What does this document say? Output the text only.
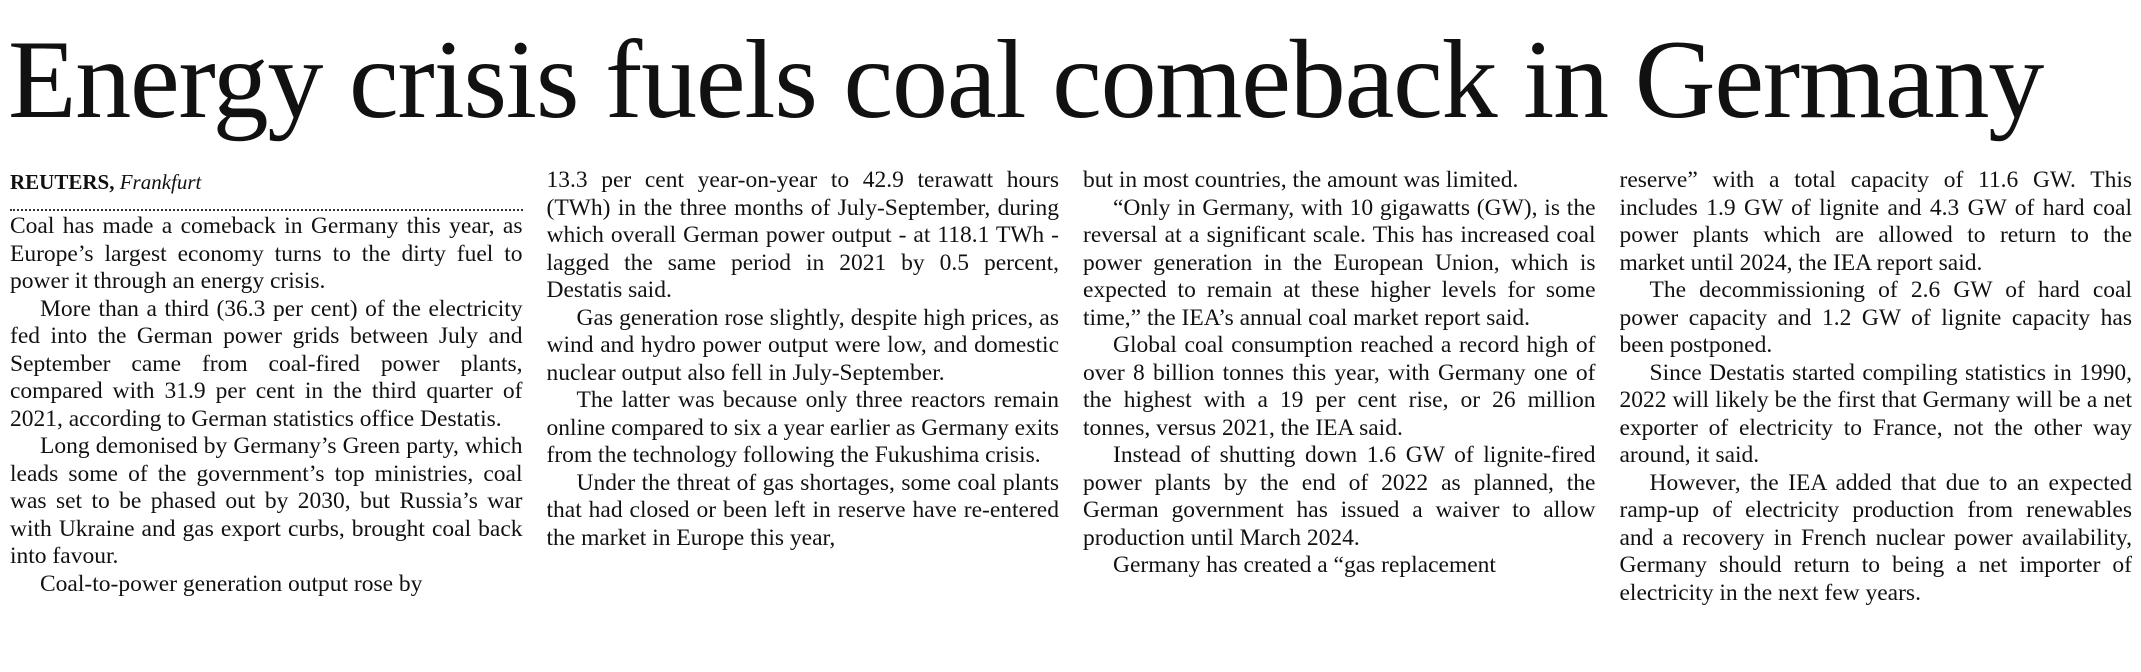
Energy crisis fuels coal comeback in Germany
REUTERS, Frankfurt

Coal has made a comeback in Germany this year, as Europe’s largest economy turns to the dirty fuel to power it through an energy crisis.

More than a third (36.3 per cent) of the electricity fed into the German power grids between July and September came from coal-fired power plants, compared with 31.9 per cent in the third quarter of 2021, according to German statistics office Destatis.

Long demonised by Germany’s Green party, which leads some of the government’s top ministries, coal was set to be phased out by 2030, but Russia’s war with Ukraine and gas export curbs, brought coal back into favour.

Coal-to-power generation output rose by

13.3 per cent year-on-year to 42.9 terawatt hours (TWh) in the three months of July-September, during which overall German power output - at 118.1 TWh - lagged the same period in 2021 by 0.5 percent, Destatis said.

Gas generation rose slightly, despite high prices, as wind and hydro power output were low, and domestic nuclear output also fell in July-September.

The latter was because only three reactors remain online compared to six a year earlier as Germany exits from the technology following the Fukushima crisis.

Under the threat of gas shortages, some coal plants that had closed or been left in reserve have re-entered the market in Europe this year,

but in most countries, the amount was limited.

“Only in Germany, with 10 gigawatts (GW), is the reversal at a significant scale. This has increased coal power generation in the European Union, which is expected to remain at these higher levels for some time,” the IEA’s annual coal market report said.

Global coal consumption reached a record high of over 8 billion tonnes this year, with Germany one of the highest with a 19 per cent rise, or 26 million tonnes, versus 2021, the IEA said.

Instead of shutting down 1.6 GW of lignite-fired power plants by the end of 2022 as planned, the German government has issued a waiver to allow production until March 2024.

Germany has created a “gas replacement

reserve” with a total capacity of 11.6 GW. This includes 1.9 GW of lignite and 4.3 GW of hard coal power plants which are allowed to return to the market until 2024, the IEA report said.

The decommissioning of 2.6 GW of hard coal power capacity and 1.2 GW of lignite capacity has been postponed.

Since Destatis started compiling statistics in 1990, 2022 will likely be the first that Germany will be a net exporter of electricity to France, not the other way around, it said.

However, the IEA added that due to an expected ramp-up of electricity production from renewables and a recovery in French nuclear power availability, Germany should return to being a net importer of electricity in the next few years.
